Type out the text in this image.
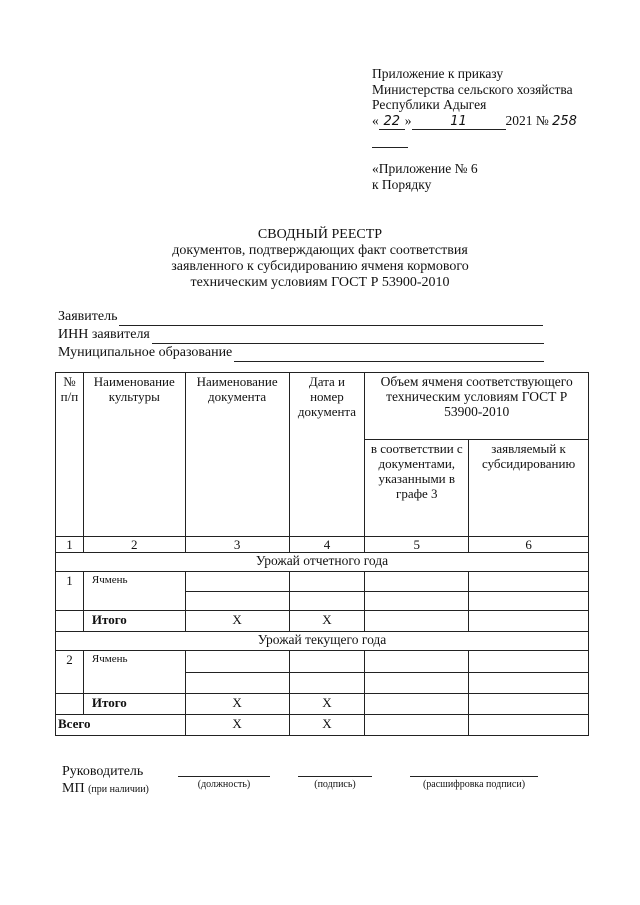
Приложение к приказу
Министерства сельского хозяйства
Республики Адыгея
« 22 »	11	2021 № 258
«Приложение № 6
к Порядку
СВОДНЫЙ РЕЕСТР
документов, подтверждающих факт соответствия
заявленного к субсидированию ячменя кормового
техническим условиям ГОСТ Р 53900-2010
Заявитель
ИНН заявителя
Муниципальное образование
№ п/п	Наименование культуры	Наименование документа	Дата и номер документа	Объем ячменя соответствующего техническим условиям ГОСТ Р 53900-2010	
				в соответствии с документами, указанными в графе 3	заявляемый к субсидированию
1	2	3	4	5	6
Урожай отчетного года					
1	Ячмень				

	Итого	X	X		
Урожай текущего года					
2	Ячмень				

	Итого	X	X		
Всего		X	X		
Руководитель
МП (при наличии)	(должность)	(подпись)	(расшифровка подписи)
